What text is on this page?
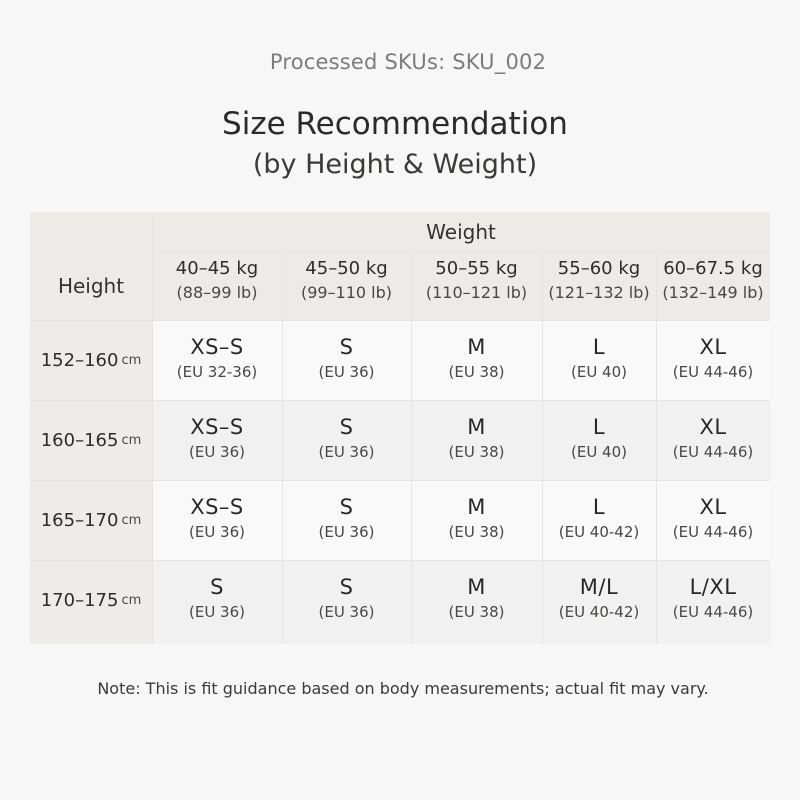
Processed SKUs: SKU_002
Size Recommendation
(by Height & Weight)
Weight
Height
40–45 kg
(88–99 lb)
45–50 kg
(99–110 lb)
50–55 kg
(110–121 lb)
55–60 kg
(121–132 lb)
60–67.5 kg
(132–149 lb)
152–160 cm
XS–S
(EU 32-36)
S
(EU 36)
M
(EU 38)
L
(EU 40)
XL
(EU 44-46)
160–165 cm
XS–S
(EU 36)
S
(EU 36)
M
(EU 38)
L
(EU 40)
XL
(EU 44-46)
165–170 cm
XS–S
(EU 36)
S
(EU 36)
M
(EU 38)
L
(EU 40-42)
XL
(EU 44-46)
170–175 cm
S
(EU 36)
S
(EU 36)
M
(EU 38)
M/L
(EU 40-42)
L/XL
(EU 44-46)
Note: This is fit guidance based on body measurements; actual fit may vary.
